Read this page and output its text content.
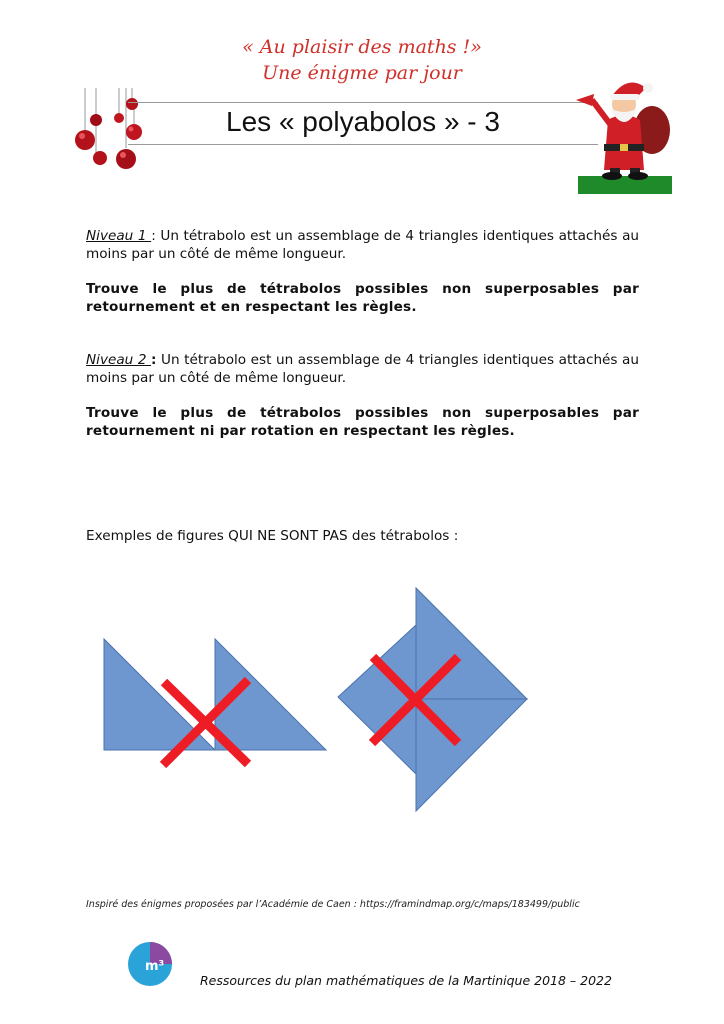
« Au plaisir des maths !»
Une énigme par jour
Les « polyabolos » - 3
Niveau 1 : Un tétrabolo est un assemblage de 4 triangles identiques attachés au moins par un côté de même longueur.
Trouve le plus de tétrabolos possibles non superposables par retournement et en respectant les règles.
Niveau 2 : Un tétrabolo est un assemblage de 4 triangles identiques attachés au moins par un côté de même longueur.
Trouve le plus de tétrabolos possibles non superposables par retournement ni par rotation en respectant les règles.
Exemples de figures QUI NE SONT PAS des tétrabolos :
Inspiré des énigmes proposées par l’Académie de Caen : https://framindmap.org/c/maps/183499/public
m³
Ressources du plan mathématiques de la Martinique 2018 – 2022
